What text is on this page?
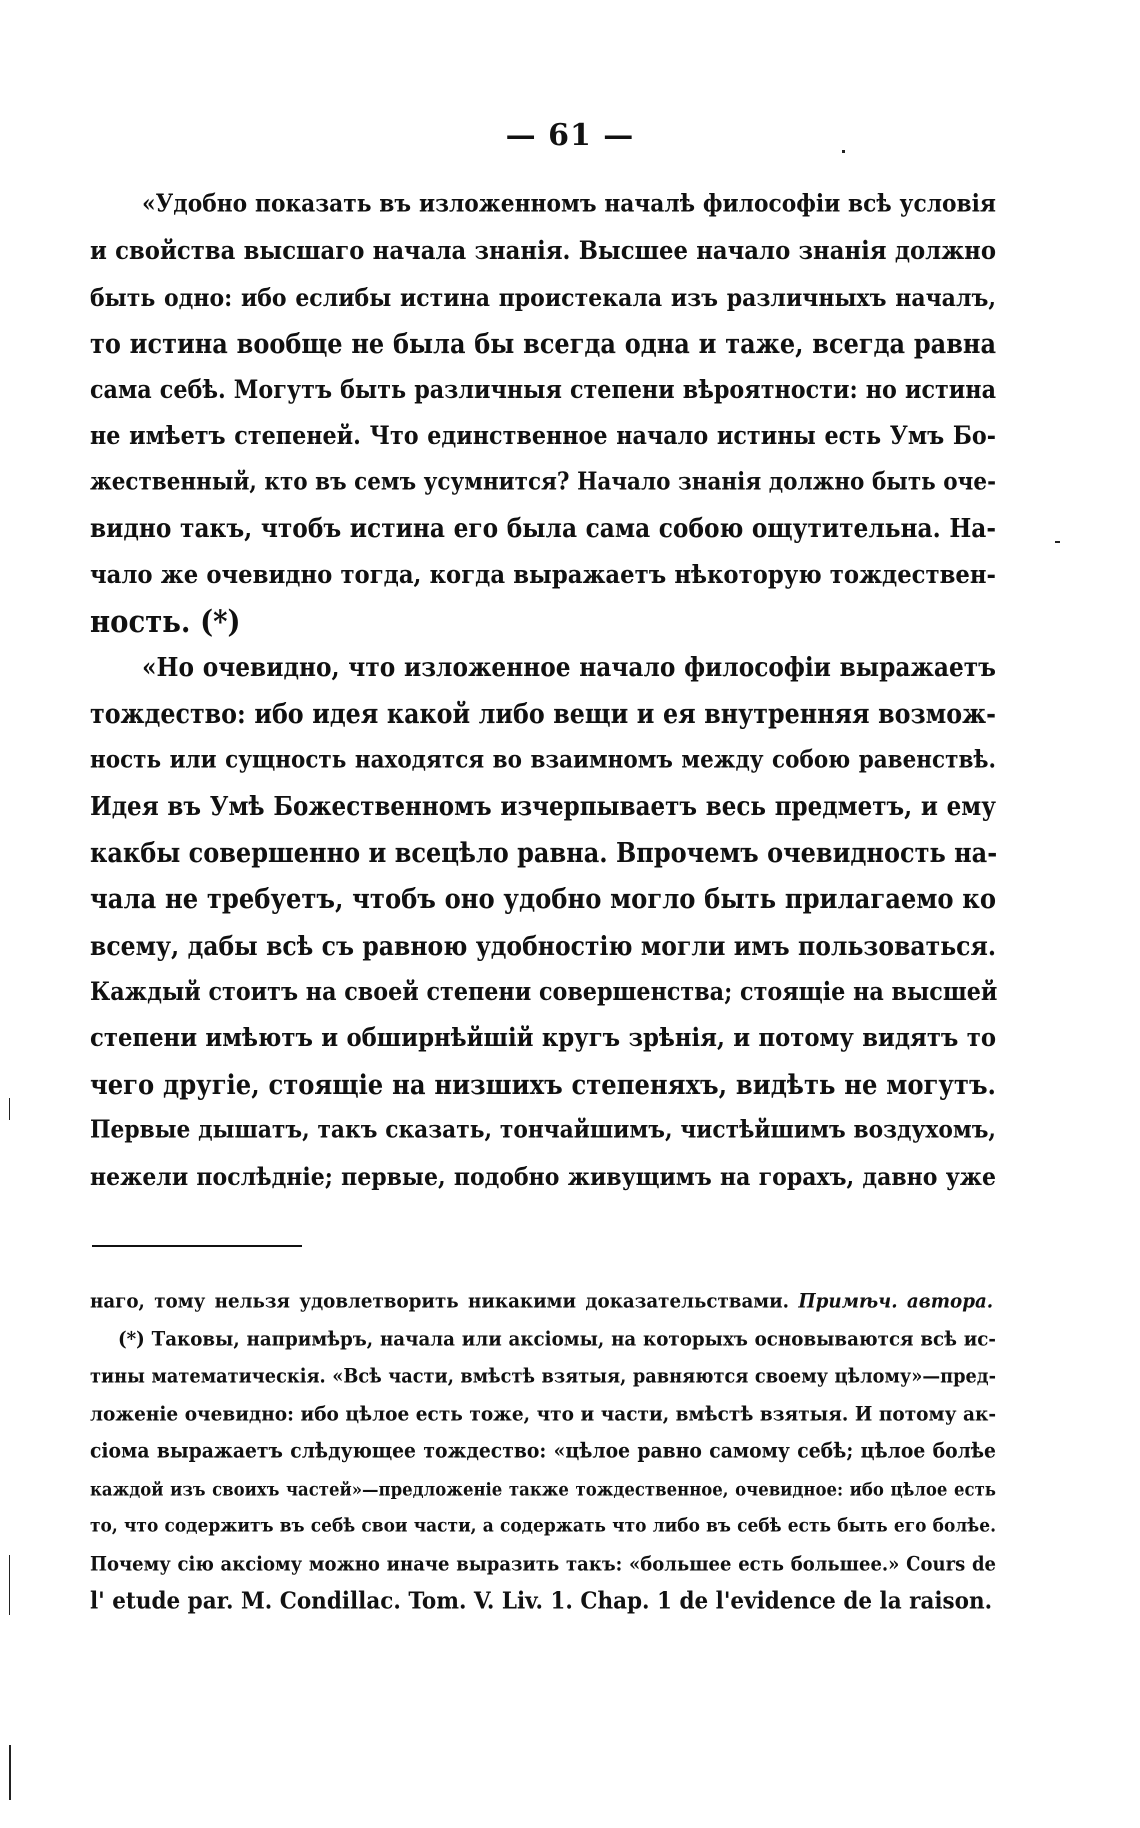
— 61 —
«Удобно показать въ изложенномъ началѣ философіи всѣ условія
и свойства высшаго начала знанія. Высшее начало знанія должно
быть одно: ибо еслибы истина проистекала изъ различныхъ началъ,
то истина вообще не была бы всегда одна и таже, всегда равна
сама себѣ. Могутъ быть различныя степени вѣроятности: но истина
не имѣетъ степеней. Что единственное начало истины есть Умъ Бо-
жественный, кто въ семъ усумнится? Начало знанія должно быть оче-
видно такъ, чтобъ истина его была сама собою ощутительна. На-
чало же очевидно тогда, когда выражаетъ нѣкоторую тождествен-
ность. (*)
«Но очевидно, что изложенное начало философіи выражаетъ
тождество: ибо идея какой либо вещи и ея внутренняя возмож-
ность или сущность находятся во взаимномъ между собою равенствѣ.
Идея въ Умѣ Божественномъ изчерпываетъ весь предметъ, и ему
какбы совершенно и всецѣло равна. Впрочемъ очевидность на-
чала не требуетъ, чтобъ оно удобно могло быть прилагаемо ко
всему, дабы всѣ съ равною удобностію могли имъ пользоваться.
Каждый стоитъ на своей степени совершенства; стоящіе на высшей
степени имѣютъ и обширнѣйшій кругъ зрѣнія, и потому видятъ то
чего другіе, стоящіе на низшихъ степеняхъ, видѣть не могутъ.
Первые дышатъ, такъ сказать, тончайшимъ, чистѣйшимъ воздухомъ,
нежели послѣдніе; первые, подобно живущимъ на горахъ, давно уже
наго, тому нельзя удовлетворить никакими доказательствами. Примѣч. автора.
(*) Таковы, напримѣръ, начала или аксіомы, на которыхъ основываются всѣ ис-
тины математическія. «Всѣ части, вмѣстѣ взятыя, равняются своему цѣлому»—пред-
ложеніе очевидно: ибо цѣлое есть тоже, что и части, вмѣстѣ взятыя. И потому ак-
сіома выражаетъ слѣдующее тождество: «цѣлое равно самому себѣ; цѣлое болѣе
каждой изъ своихъ частей»—предложеніе также тождественное, очевидное: ибо цѣлое есть
то, что содержитъ въ себѣ свои части, а содержать что либо въ себѣ есть быть его болѣе.
Почему сію аксіому можно иначе выразить такъ: «большее есть большее.» Cours de
l' etude par. M. Condillac. Tom. V. Liv. 1. Chap. 1 de l'evidence de la raison.
